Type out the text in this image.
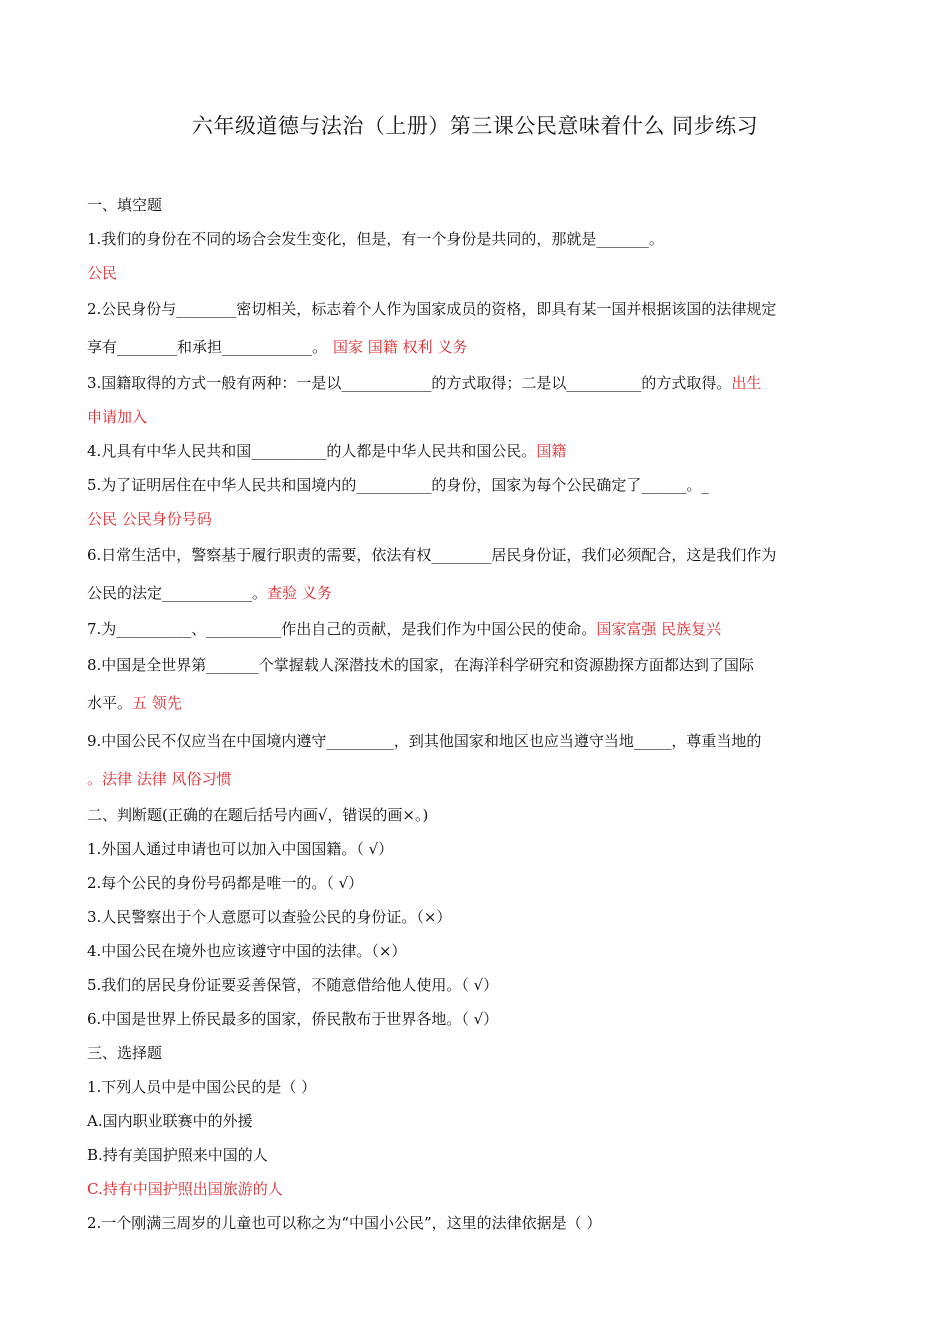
六年级道德与法治（上册）第三课公民意味着什么 同步练习
一、填空题
1.我们的身份在不同的场合会发生变化，但是，有一个身份是共同的，那就是_______。
公民
2.公民身份与________密切相关，标志着个人作为国家成员的资格，即具有某一国并根据该国的法律规定
享有________和承担____________。 国家 国籍 权利 义务
3.国籍取得的方式一般有两种：一是以____________的方式取得；二是以__________的方式取得。出生
申请加入
4.凡具有中华人民共和国__________的人都是中华人民共和国公民。国籍
5.为了证明居住在中华人民共和国境内的__________的身份，国家为每个公民确定了______。_
公民 公民身份号码
6.日常生活中，警察基于履行职责的需要，依法有权________居民身份证，我们必须配合，这是我们作为
公民的法定____________。查验 义务
7.为__________、__________作出自己的贡献，是我们作为中国公民的使命。国家富强 民族复兴
8.中国是全世界第_______个掌握载人深潜技术的国家，在海洋科学研究和资源勘探方面都达到了国际
水平。五 领先
9.中国公民不仅应当在中国境内遵守_________，到其他国家和地区也应当遵守当地_____，尊重当地的
。法律 法律 风俗习惯
二、判断题(正确的在题后括号内画√，错误的画×。)
1.外国人通过申请也可以加入中国国籍。（ √）
2.每个公民的身份号码都是唯一的。（ √）
3.人民警察出于个人意愿可以查验公民的身份证。（×）
4.中国公民在境外也应该遵守中国的法律。（×）
5.我们的居民身份证要妥善保管，不随意借给他人使用。（ √）
6.中国是世界上侨民最多的国家，侨民散布于世界各地。（ √）
三、选择题
1.下列人员中是中国公民的是（ ）
A.国内职业联赛中的外援
B.持有美国护照来中国的人
C.持有中国护照出国旅游的人
2.一个刚满三周岁的儿童也可以称之为“中国小公民”，这里的法律依据是（ ）
